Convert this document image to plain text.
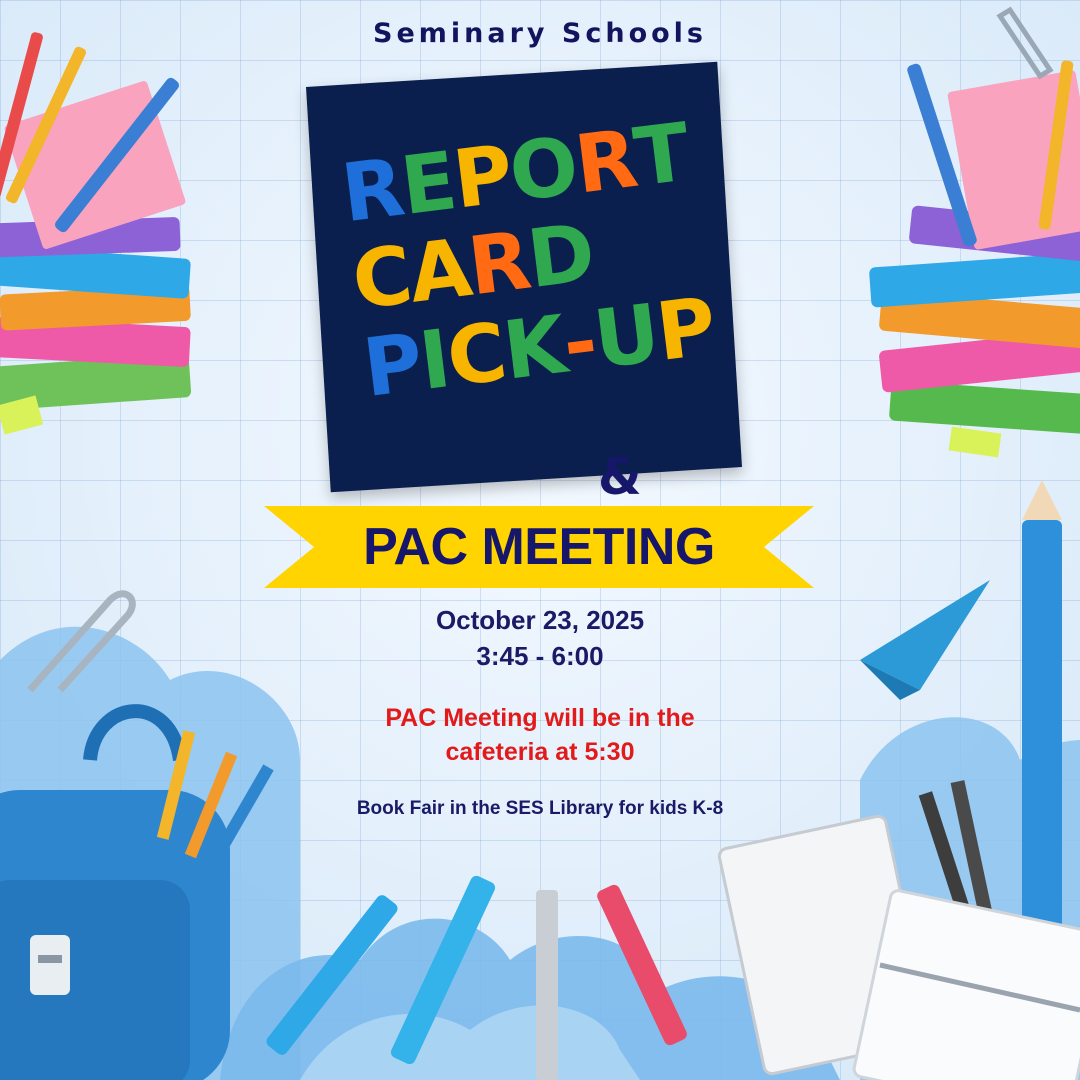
Seminary Schools
REPORT
CARD
PICK-UP
&
PAC MEETING
October 23, 2025
3:45 - 6:00
PAC Meeting will be in the
cafeteria at 5:30
Book Fair in the SES Library for kids K-8
